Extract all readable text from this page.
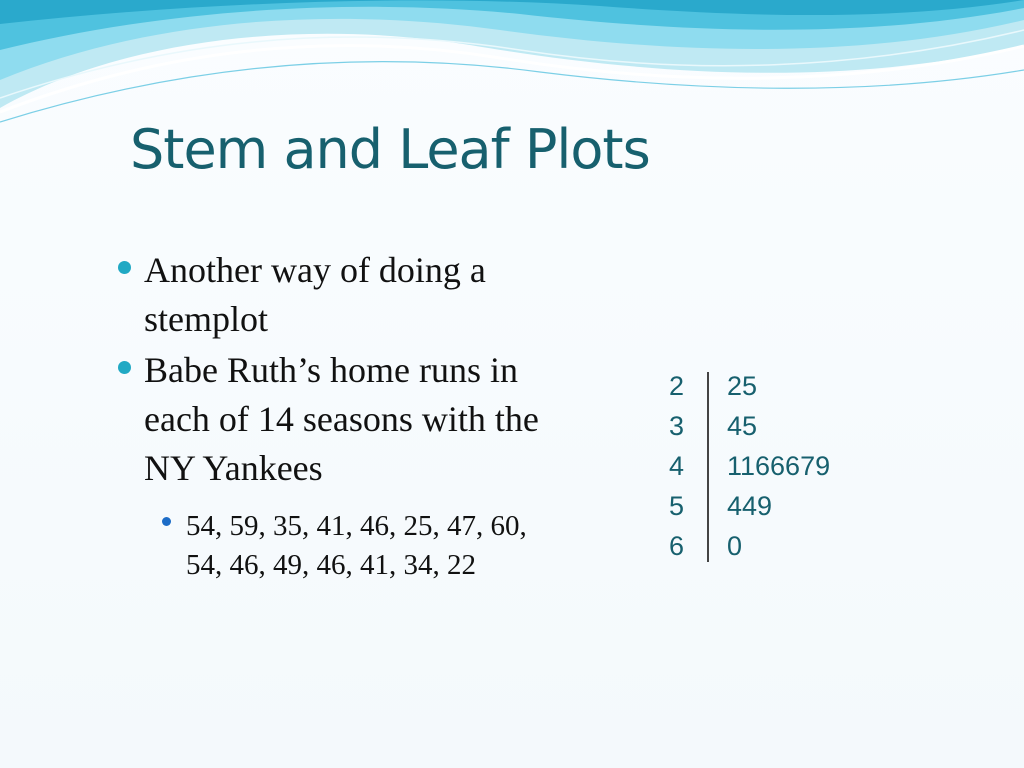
Stem and Leaf Plots
Another way of doing a stemplot
Babe Ruth’s home runs in each of 14 seasons with the NY Yankees
54, 59, 35, 41, 46, 25, 47, 60, 54, 46, 49, 46, 41, 34, 22
2	25
3	45
4	1166679
5	449
6	0
